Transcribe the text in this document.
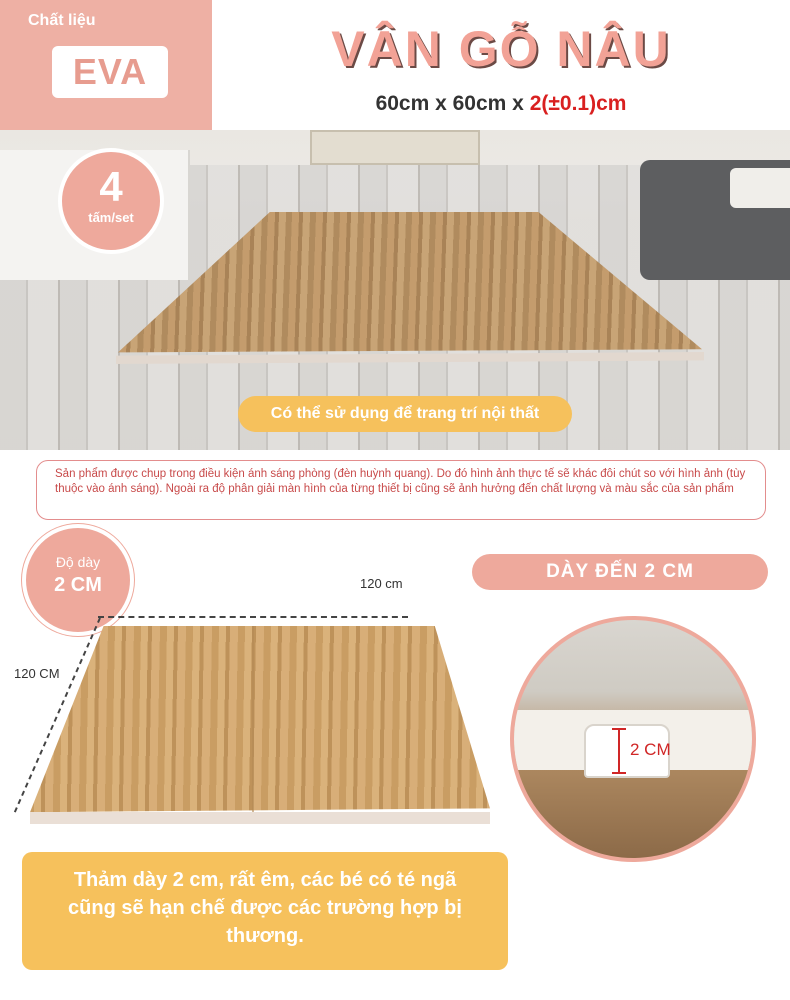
Chất liệu
EVA	VÂN GỖ NÂU
60cm x 60cm x 2(±0.1)cm
4
tấm/set
Có thể sử dụng để trang trí nội thất
Sản phẩm được chụp trong điều kiện ánh sáng phòng (đèn huỳnh quang). Do đó hình ảnh thực tế sẽ khác đôi chút so với hình ảnh (tùy thuộc vào ánh sáng). Ngoài ra độ phân giải màn hình của từng thiết bị cũng sẽ ảnh hưởng đến chất lượng và màu sắc của sản phẩm
Độ dày
2 CM	120 cm
120 CM
DÀY ĐẾN 2 CM
2 CM
Thảm dày 2 cm, rất êm, các bé có té ngã cũng sẽ hạn chế được các trường hợp bị thương.
